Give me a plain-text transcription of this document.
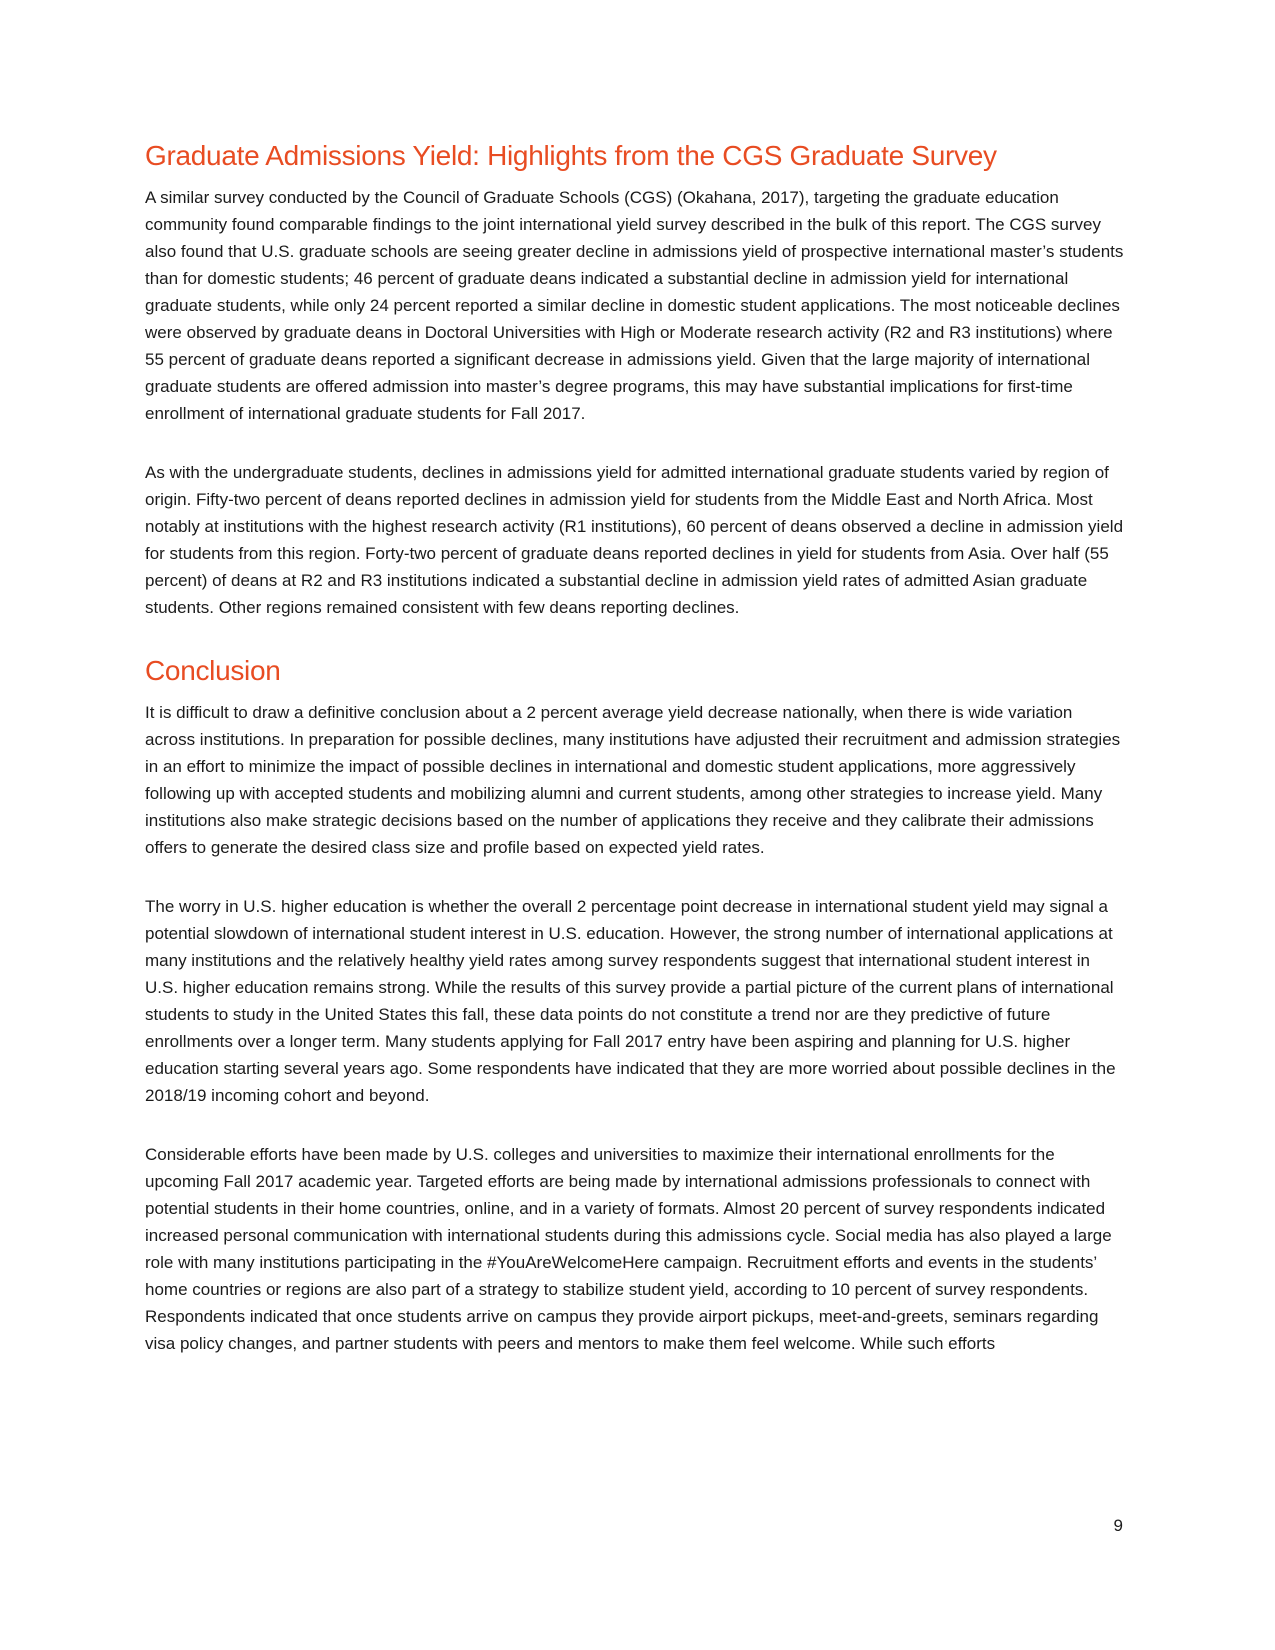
Graduate Admissions Yield: Highlights from the CGS Graduate Survey

A similar survey conducted by the Council of Graduate Schools (CGS) (Okahana, 2017), targeting the graduate education community found comparable findings to the joint international yield survey described in the bulk of this report. The CGS survey also found that U.S. graduate schools are seeing greater decline in admissions yield of prospective international master’s students than for domestic students; 46 percent of graduate deans indicated a substantial decline in admission yield for international graduate students, while only 24 percent reported a similar decline in domestic student applications. The most noticeable declines were observed by graduate deans in Doctoral Universities with High or Moderate research activity (R2 and R3 institutions) where 55 percent of graduate deans reported a significant decrease in admissions yield. Given that the large majority of international graduate students are offered admission into master’s degree programs, this may have substantial implications for first-time enrollment of international graduate students for Fall 2017.

As with the undergraduate students, declines in admissions yield for admitted international graduate students varied by region of origin. Fifty-two percent of deans reported declines in admission yield for students from the Middle East and North Africa. Most notably at institutions with the highest research activity (R1 institutions), 60 percent of deans observed a decline in admission yield for students from this region. Forty-two percent of graduate deans reported declines in yield for students from Asia. Over half (55 percent) of deans at R2 and R3 institutions indicated a substantial decline in admission yield rates of admitted Asian graduate students. Other regions remained consistent with few deans reporting declines.

Conclusion

It is difficult to draw a definitive conclusion about a 2 percent average yield decrease nationally, when there is wide variation across institutions. In preparation for possible declines, many institutions have adjusted their recruitment and admission strategies in an effort to minimize the impact of possible declines in international and domestic student applications, more aggressively following up with accepted students and mobilizing alumni and current students, among other strategies to increase yield. Many institutions also make strategic decisions based on the number of applications they receive and they calibrate their admissions offers to generate the desired class size and profile based on expected yield rates.

The worry in U.S. higher education is whether the overall 2 percentage point decrease in international student yield may signal a potential slowdown of international student interest in U.S. education. However, the strong number of international applications at many institutions and the relatively healthy yield rates among survey respondents suggest that international student interest in U.S. higher education remains strong. While the results of this survey provide a partial picture of the current plans of international students to study in the United States this fall, these data points do not constitute a trend nor are they predictive of future enrollments over a longer term. Many students applying for Fall 2017 entry have been aspiring and planning for U.S. higher education starting several years ago. Some respondents have indicated that they are more worried about possible declines in the 2018/19 incoming cohort and beyond.

Considerable efforts have been made by U.S. colleges and universities to maximize their international enrollments for the upcoming Fall 2017 academic year. Targeted efforts are being made by international admissions professionals to connect with potential students in their home countries, online, and in a variety of formats. Almost 20 percent of survey respondents indicated increased personal communication with international students during this admissions cycle. Social media has also played a large role with many institutions participating in the #YouAreWelcomeHere campaign. Recruitment efforts and events in the students’ home countries or regions are also part of a strategy to stabilize student yield, according to 10 percent of survey respondents. Respondents indicated that once students arrive on campus they provide airport pickups, meet-and-greets, seminars regarding visa policy changes, and partner students with peers and mentors to make them feel welcome. While such efforts

9
